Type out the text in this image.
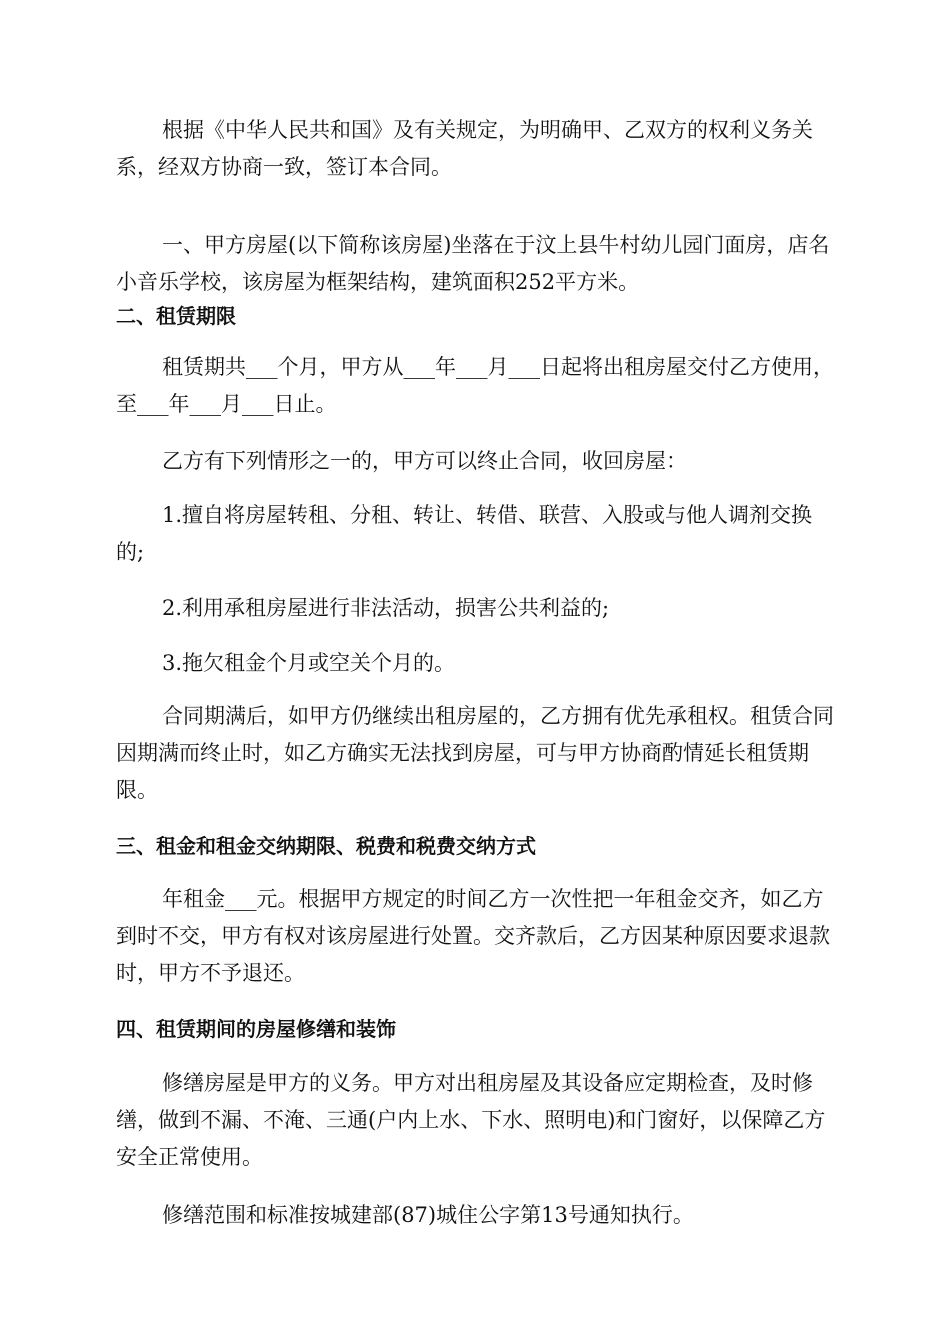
根据《中华人民共和国》及有关规定，为明确甲、乙双方的权利义务关系，经双方协商一致，签订本合同。

一、甲方房屋(以下简称该房屋)坐落在于汶上县牛村幼儿园门面房，店名小音乐学校，该房屋为框架结构，建筑面积252平方米。

二、租赁期限

租赁期共___个月，甲方从___年___月___日起将出租房屋交付乙方使用，至___年___月___日止。

乙方有下列情形之一的，甲方可以终止合同，收回房屋：

1.擅自将房屋转租、分租、转让、转借、联营、入股或与他人调剂交换的;

2.利用承租房屋进行非法活动，损害公共利益的;

3.拖欠租金个月或空关个月的。

合同期满后，如甲方仍继续出租房屋的，乙方拥有优先承租权。租赁合同因期满而终止时，如乙方确实无法找到房屋，可与甲方协商酌情延长租赁期限。

三、租金和租金交纳期限、税费和税费交纳方式

年租金___元。根据甲方规定的时间乙方一次性把一年租金交齐，如乙方到时不交，甲方有权对该房屋进行处置。交齐款后，乙方因某种原因要求退款时，甲方不予退还。

四、租赁期间的房屋修缮和装饰

修缮房屋是甲方的义务。甲方对出租房屋及其设备应定期检查，及时修缮，做到不漏、不淹、三通(户内上水、下水、照明电)和门窗好，以保障乙方安全正常使用。

修缮范围和标准按城建部(87)城住公字第13号通知执行。
